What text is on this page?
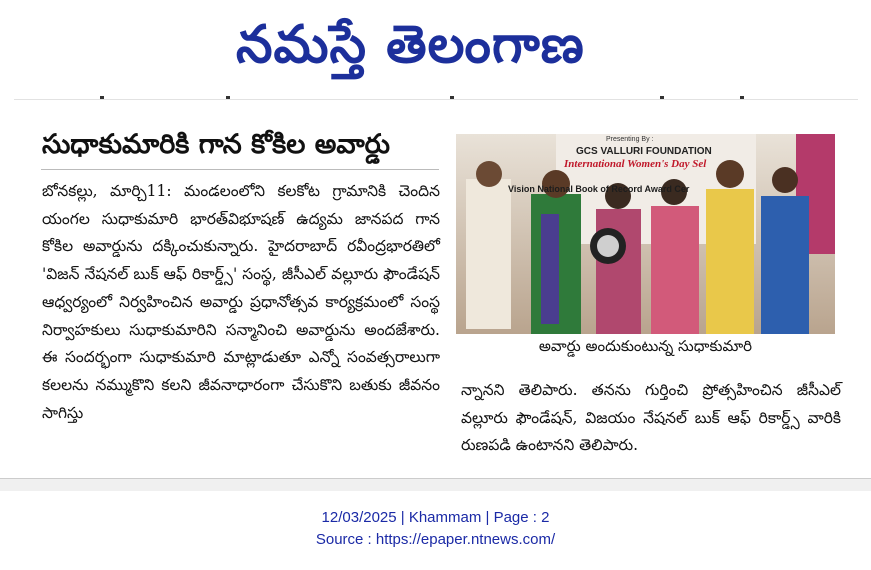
నమస్తే తెలంగాణ
సుధాకుమారికి గాన కోకిల అవార్డు
బోనకల్లు, మార్చి11: మండలంలోని కలకోట గ్రామానికి చెందిన యంగల సుధాకుమారి భారత్‌విభూషణ్ ఉద్యమ జానపద గాన కోకిల అవార్డును దక్కించుకున్నారు. హైదరాబాద్ రవీంద్రభారతిలో 'విజన్ నేషనల్ బుక్ ఆఫ్ రికార్డ్స్' సంస్థ, జీసీఎల్ వల్లూరు ఫౌండేషన్ ఆధ్వర్యంలో నిర్వహించిన అవార్డు ప్రధానోత్సవ కార్యక్రమంలో సంస్థ నిర్వాహకులు సుధాకుమారిని సన్మానించి అవార్డును అందజేశారు. ఈ సందర్భంగా సుధాకుమారి మాట్లాడుతూ ఎన్నో సంవత్సరాలుగా కలలను నమ్ముకొని కలని జీవనాధారంగా చేసుకొని బతుకు జీవనం సాగిస్తు
Presenting By :
GCS VALLURI FOUNDATION
International Women's Day Sel
Vision National Book of Record Award Cer
అవార్డు అందుకుంటున్న సుధాకుమారి
న్నానని తెలిపారు. తనను గుర్తించి ప్రోత్సహించిన జీసీఎల్ వల్లూరు ఫౌండేషన్, విజయం నేషనల్ బుక్ ఆఫ్ రికార్డ్స్ వారికి రుణపడి ఉంటానని తెలిపారు.
12/03/2025 | Khammam | Page : 2
Source : https://epaper.ntnews.com/
